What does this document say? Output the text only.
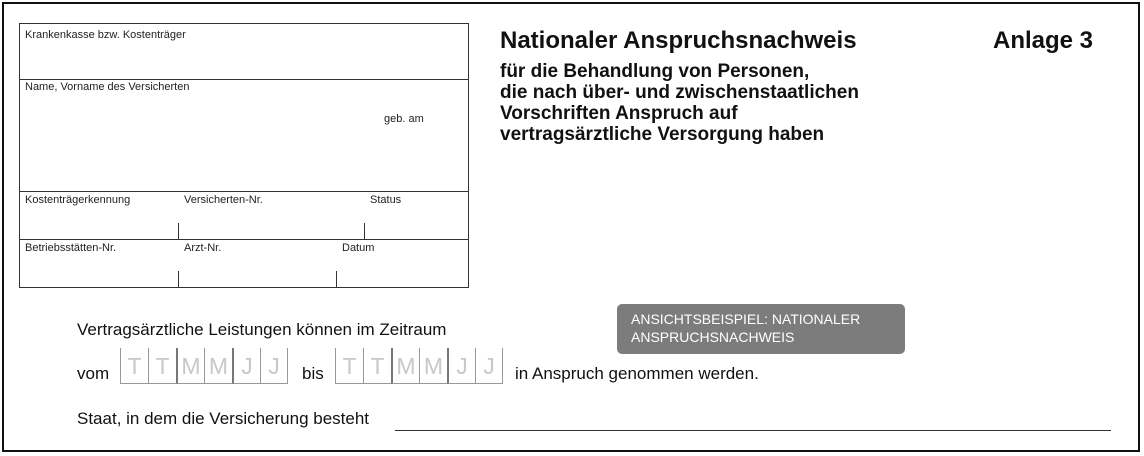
Krankenkasse bzw. Kostenträger
Name, Vorname des Versicherten
geb. am
Kostenträgerkennung	Versicherten-Nr.	Status
Betriebsstätten-Nr.	Arzt-Nr.	Datum
Nationaler Anspruchsnachweis	Anlage 3
für die Behandlung von Personen,
die nach über- und zwischenstaatlichen
Vorschriften Anspruch auf
vertragsärztliche Versorgung haben
ANSICHTSBEISPIEL: NATIONALER
ANSPRUCHSNACHWEIS
Vertragsärztliche Leistungen können im Zeitraum
vom T T M M J J	bis T T M M J J	in Anspruch genommen werden.
Staat, in dem die Versicherung besteht
